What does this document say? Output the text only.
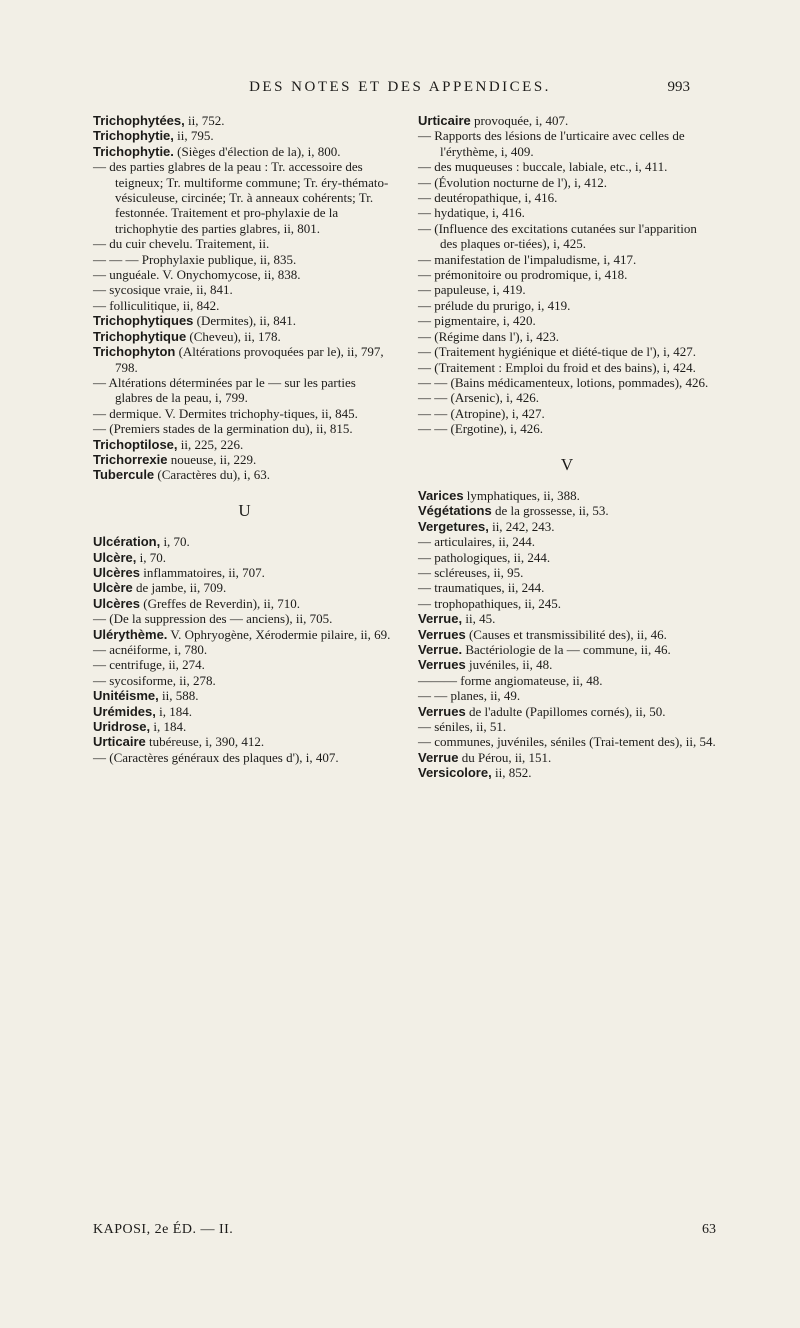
DES NOTES ET DES APPENDICES.	993
Trichophytées, ii, 752.
Trichophytie, ii, 795.
Trichophytie. (Sièges d'élection de la), i, 800.
— des parties glabres de la peau : Tr. accessoire des teigneux; Tr. multiforme commune; Tr. éry-thémato-vésiculeuse, circinée; Tr. à anneaux cohérents; Tr. festonnée. Traitement et pro-phylaxie de la trichophytie des parties glabres, ii, 801.
— du cuir chevelu. Traitement, ii.
— — — Prophylaxie publique, ii, 835.
— unguéale. V. Onychomycose, ii, 838.
— sycosique vraie, ii, 841.
— folliculitique, ii, 842.
Trichophytiques (Dermites), ii, 841.
Trichophytique (Cheveu), ii, 178.
Trichophyton (Altérations provoquées par le), ii, 797, 798.
— Altérations déterminées par le — sur les parties glabres de la peau, i, 799.
— dermique. V. Dermites trichophy-tiques, ii, 845.
— (Premiers stades de la germination du), ii, 815.
Trichoptilose, ii, 225, 226.
Trichorrexie noueuse, ii, 229.
Tubercule (Caractères du), i, 63.
U
Ulcération, i, 70.
Ulcère, i, 70.
Ulcères inflammatoires, ii, 707.
Ulcère de jambe, ii, 709.
Ulcères (Greffes de Reverdin), ii, 710.
— (De la suppression des — anciens), ii, 705.
Ulérythème. V. Ophryogène, Xérodermie pilaire, ii, 69.
— acnéiforme, i, 780.
— centrifuge, ii, 274.
— sycosiforme, ii, 278.
Unitéisme, ii, 588.
Urémides, i, 184.
Uridrose, i, 184.
Urticaire tubéreuse, i, 390, 412.
— (Caractères généraux des plaques d'), i, 407.
Urticaire provoquée, i, 407.
— Rapports des lésions de l'urticaire avec celles de l'érythème, i, 409.
— des muqueuses : buccale, labiale, etc., i, 411.
— (Évolution nocturne de l'), i, 412.
— deutéropathique, i, 416.
— hydatique, i, 416.
— (Influence des excitations cutanées sur l'apparition des plaques or-tiées), i, 425.
— manifestation de l'impaludisme, i, 417.
— prémonitoire ou prodromique, i, 418.
— papuleuse, i, 419.
— prélude du prurigo, i, 419.
— pigmentaire, i, 420.
— (Régime dans l'), i, 423.
— (Traitement hygiénique et diété-tique de l'), i, 427.
— (Traitement : Emploi du froid et des bains), i, 424.
— — (Bains médicamenteux, lotions, pommades), 426.
— — (Arsenic), i, 426.
— — (Atropine), i, 427.
— — (Ergotine), i, 426.
V
Varices lymphatiques, ii, 388.
Végétations de la grossesse, ii, 53.
Vergetures, ii, 242, 243.
— articulaires, ii, 244.
— pathologiques, ii, 244.
— scléreuses, ii, 95.
— traumatiques, ii, 244.
— trophopathiques, ii, 245.
Verrue, ii, 45.
Verrues (Causes et transmissibilité des), ii, 46.
Verrue. Bactériologie de la — commune, ii, 46.
Verrues juvéniles, ii, 48.
——— forme angiomateuse, ii, 48.
— — planes, ii, 49.
Verrues de l'adulte (Papillomes cornés), ii, 50.
— séniles, ii, 51.
— communes, juvéniles, séniles (Trai-tement des), ii, 54.
Verrue du Pérou, ii, 151.
Versicolore, ii, 852.
KAPOSI, 2e ÉD. — II.	63
